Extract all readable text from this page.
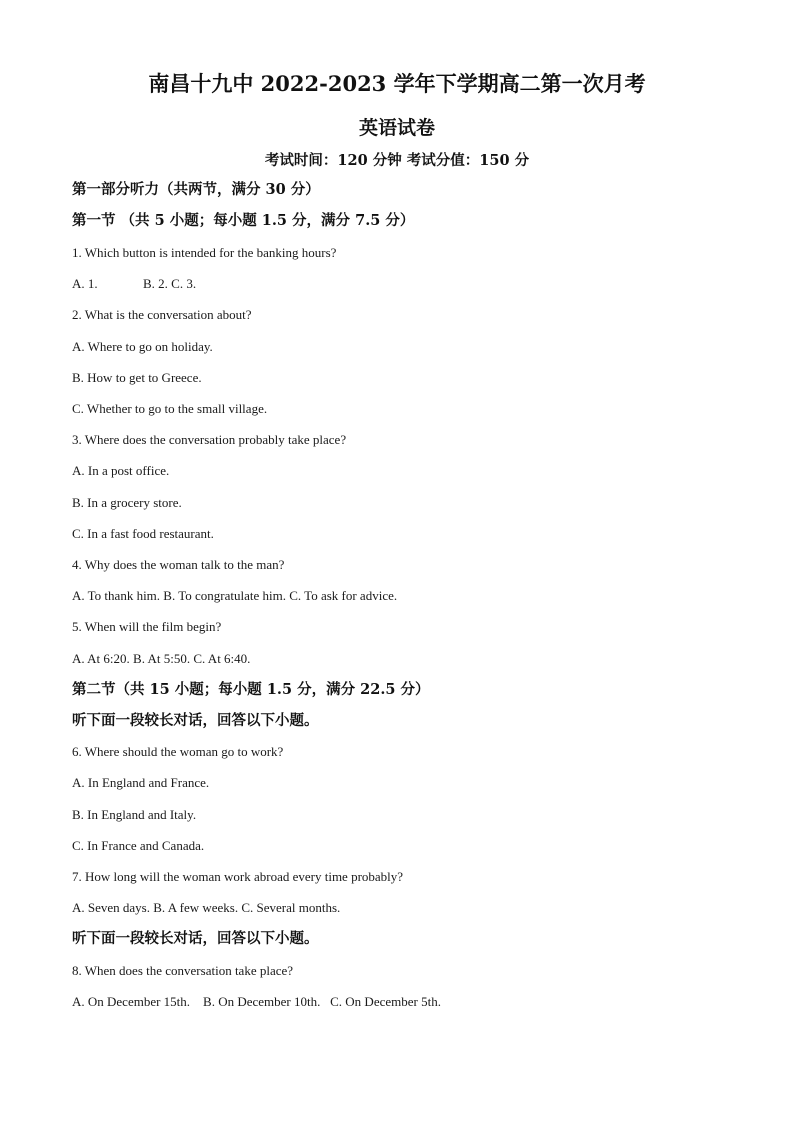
南昌十九中 2022-2023 学年下学期高二第一次月考
英语试卷
考试时间：120 分钟 考试分值：150 分
第一部分听力（共两节，满分 30 分）
第一节 （共 5 小题；每小题 1.5 分，满分 7.5 分）
1. Which button is intended for the banking hours?
A. 1.	B. 2. C. 3.
2. What is the conversation about?
A. Where to go on holiday.
B. How to get to Greece.
C. Whether to go to the small village.
3. Where does the conversation probably take place?
A. In a post office.
B. In a grocery store.
C. In a fast food restaurant.
4. Why does the woman talk to the man?
A. To thank him. B. To congratulate him. C. To ask for advice.
5. When will the film begin?
A. At 6:20. B. At 5:50. C. At 6:40.
第二节（共 15 小题；每小题 1.5 分，满分 22.5 分）
听下面一段较长对话，回答以下小题。
6. Where should the woman go to work?
A. In England and France.
B. In England and Italy.
C. In France and Canada.
7. How long will the woman work abroad every time probably?
A. Seven days. B. A few weeks. C. Several months.
听下面一段较长对话，回答以下小题。
8. When does the conversation take place?
A. On December 15th.    B. On December 10th.   C. On December 5th.
